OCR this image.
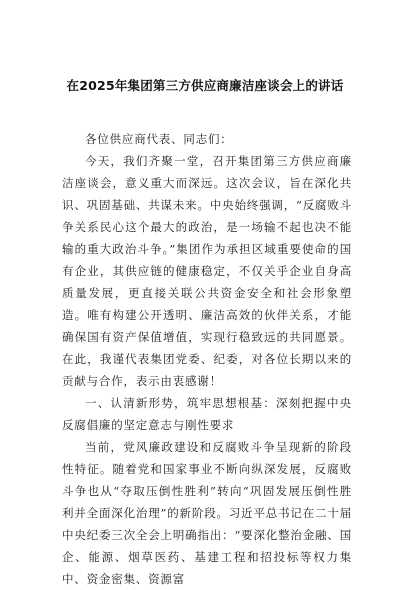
在2025年集团第三方供应商廉洁座谈会上的讲话

各位供应商代表、同志们：

今天，我们齐聚一堂，召开集团第三方供应商廉洁座谈会，意义重大而深远。这次会议，旨在深化共识、巩固基础、共谋未来。中央始终强调，“反腐败斗争关系民心这个最大的政治，是一场输不起也决不能输的重大政治斗争。”集团作为承担区域重要使命的国有企业，其供应链的健康稳定，不仅关乎企业自身高质量发展，更直接关联公共资金安全和社会形象塑造。唯有构建公开透明、廉洁高效的伙伴关系，才能确保国有资产保值增值，实现行稳致远的共同愿景。在此，我谨代表集团党委、纪委，对各位长期以来的贡献与合作，表示由衷感谢！

一、认清新形势，筑牢思想根基：深刻把握中央反腐倡廉的坚定意志与刚性要求

当前，党风廉政建设和反腐败斗争呈现新的阶段性特征。随着党和国家事业不断向纵深发展，反腐败斗争也从“夺取压倒性胜利”转向“巩固发展压倒性胜利并全面深化治理”的新阶段。习近平总书记在二十届中央纪委三次全会上明确指出：“要深化整治金融、国企、能源、烟草医药、基建工程和招投标等权力集中、资金密集、资源富
